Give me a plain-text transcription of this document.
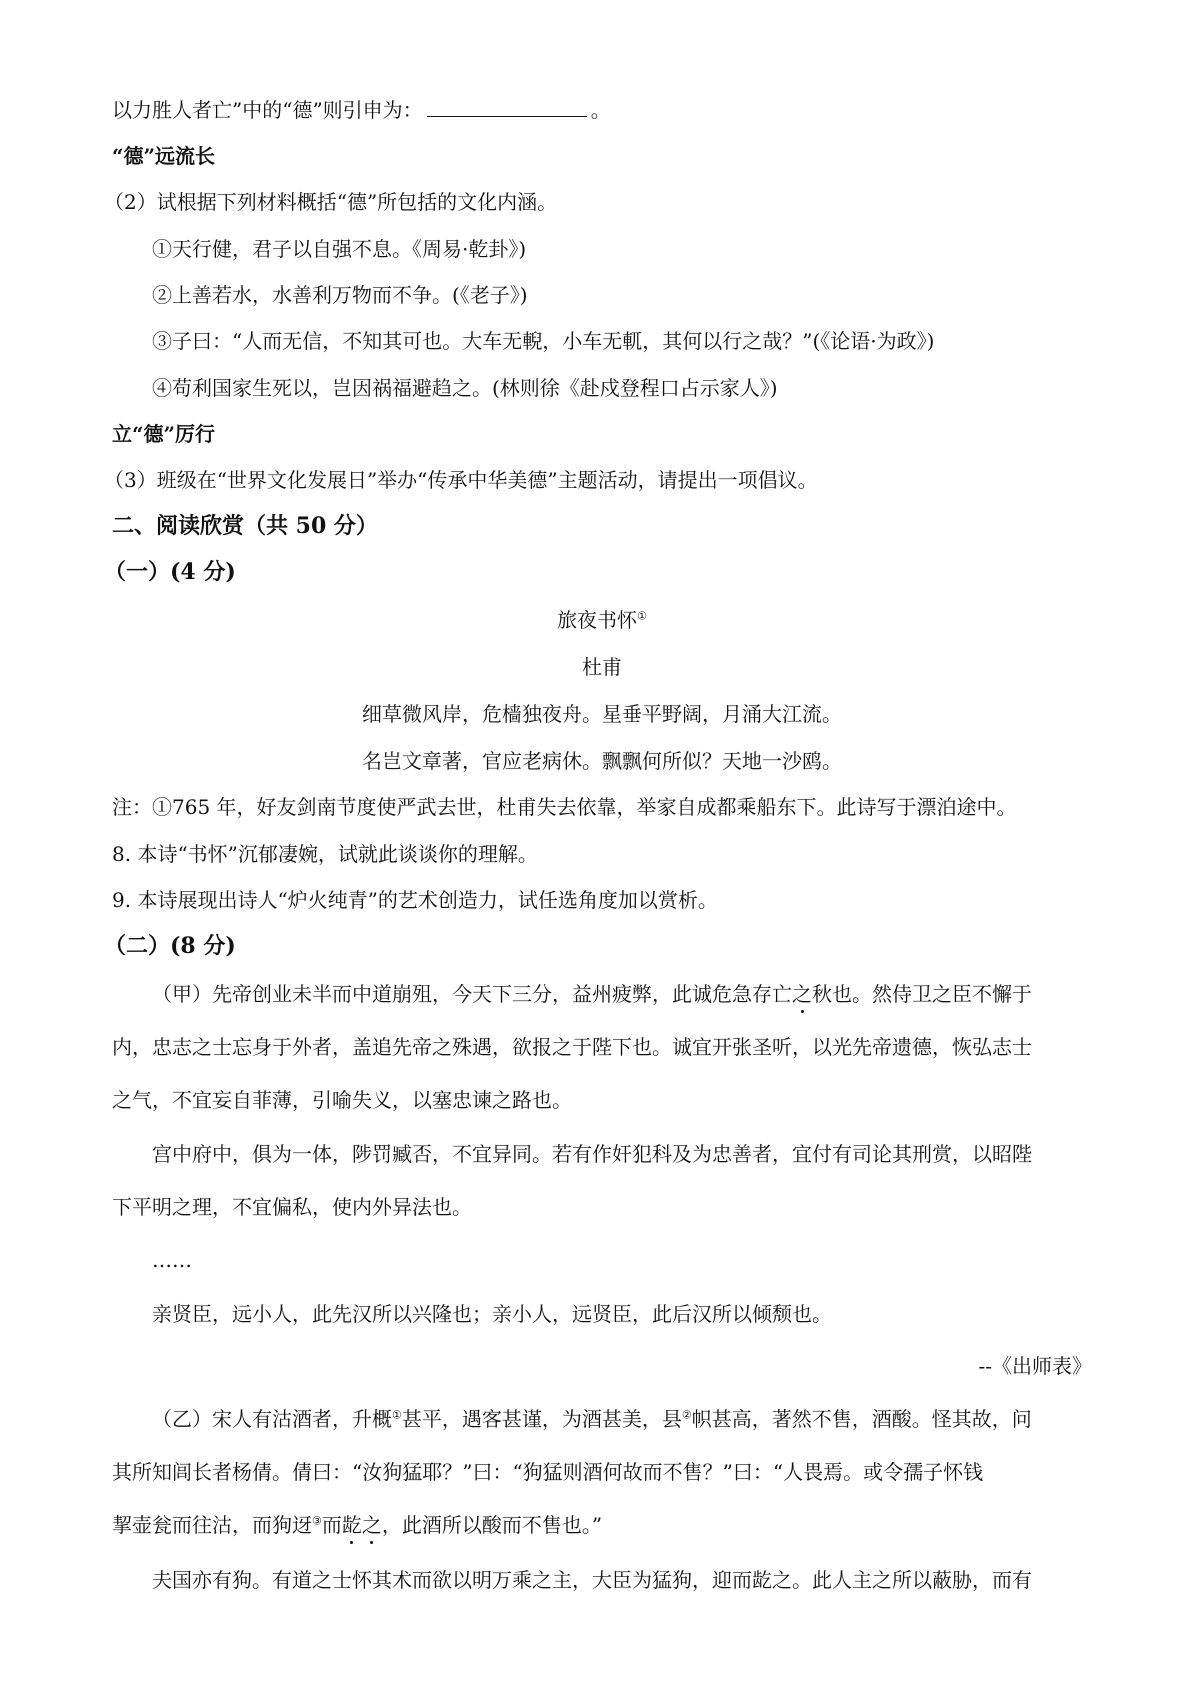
以力胜人者亡”中的“德”则引申为：	。
“德”远流长
（2）试根据下列材料概括“德”所包括的文化内涵。
①天行健，君子以自强不息。《周易·乾卦》)
②上善若水，水善利万物而不争。(《老子》)
③子曰：“人而无信，不知其可也。大车无輗，小车无軏，其何以行之哉？”(《论语·为政》)
④苟利国家生死以，岂因祸福避趋之。(林则徐《赴戍登程口占示家人》)
立“德”厉行
（3）班级在“世界文化发展日”举办“传承中华美德”主题活动，请提出一项倡议。
二、阅读欣赏（共 50 分）
（一）(4 分)
旅夜书怀①
杜甫
细草微风岸，危樯独夜舟。星垂平野阔，月涌大江流。
名岂文章著，官应老病休。飘飘何所似？天地一沙鸥。
注：①765 年，好友剑南节度使严武去世，杜甫失去依靠，举家自成都乘船东下。此诗写于漂泊途中。
8. 本诗“书怀”沉郁凄婉，试就此谈谈你的理解。
9. 本诗展现出诗人“炉火纯青”的艺术创造力，试任选角度加以赏析。
（二）(8 分)
（甲）先帝创业未半而中道崩殂，今天下三分，益州疲弊，此诚危急存亡之秋也。然侍卫之臣不懈于
内，忠志之士忘身于外者，盖追先帝之殊遇，欲报之于陛下也。诚宜开张圣听，以光先帝遗德，恢弘志士
之气，不宜妄自菲薄，引喻失义，以塞忠谏之路也。
宫中府中，俱为一体，陟罚臧否，不宜异同。若有作奸犯科及为忠善者，宜付有司论其刑赏，以昭陛
下平明之理，不宜偏私，使内外异法也。
……
亲贤臣，远小人，此先汉所以兴隆也；亲小人，远贤臣，此后汉所以倾颓也。
--《出师表》
（乙）宋人有沽酒者，升概①甚平，遇客甚谨，为酒甚美，县②帜甚高，著然不售，酒酸。怪其故，问
其所知闾长者杨倩。倩曰：“汝狗猛耶？”曰：“狗猛则酒何故而不售？”曰：“人畏焉。或令孺子怀钱
挈壶瓮而往沽，而狗迓③而龁之，此酒所以酸而不售也。”
夫国亦有狗。有道之士怀其术而欲以明万乘之主，大臣为猛狗，迎而龁之。此人主之所以蔽胁，而有
